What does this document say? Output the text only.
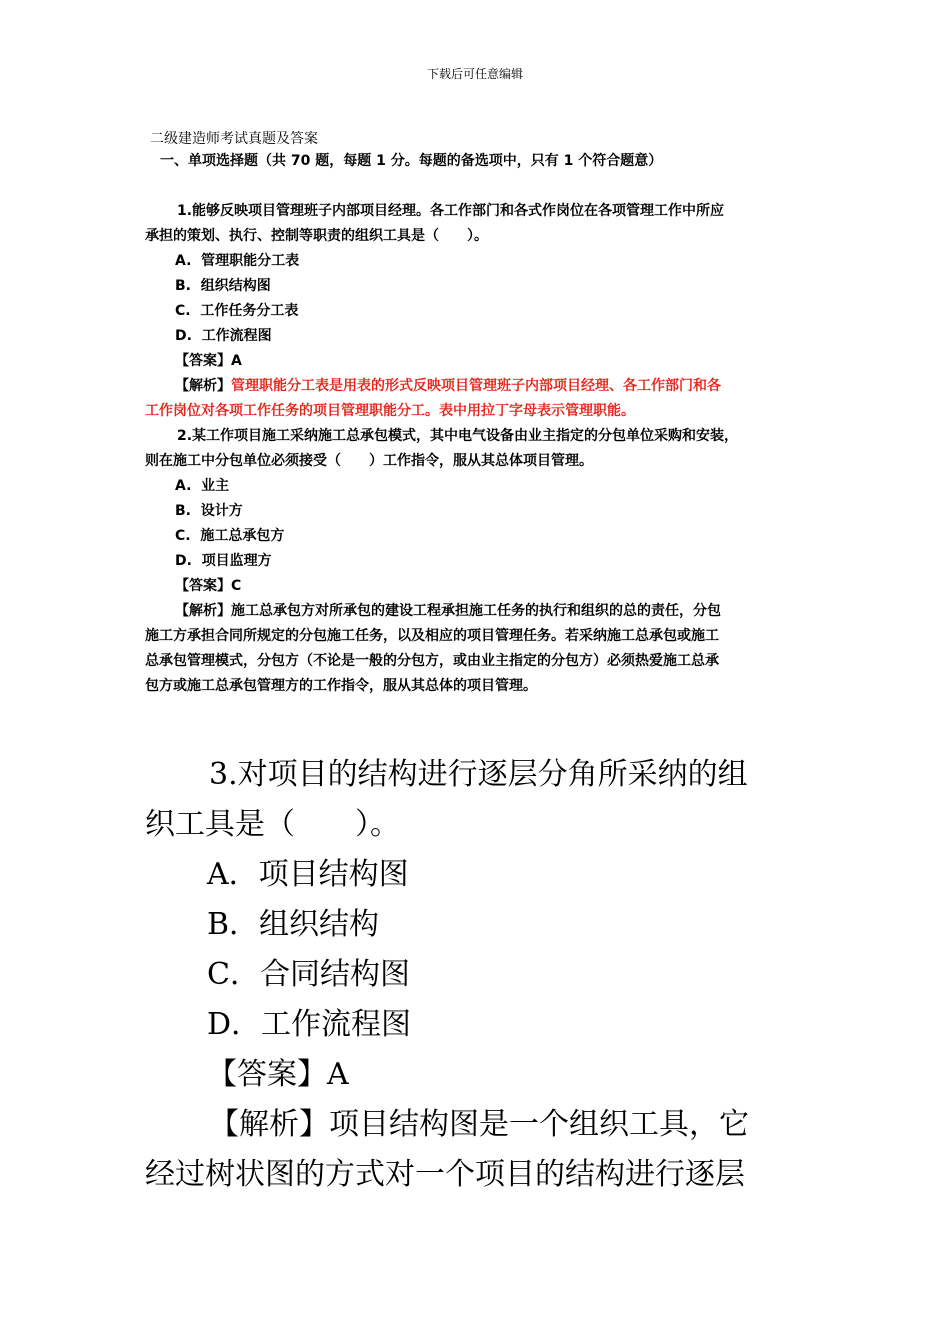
下载后可任意编辑
二级建造师考试真题及答案
一、单项选择题（共 70 题，每题 1 分。每题的备选项中，只有 1 个符合题意）

1.能够反映项目管理班子内部项目经理。各工作部门和各式作岗位在各项管理工作中所应

承担的策划、执行、控制等职责的组织工具是（　　）。

A.  管理职能分工表

B.  组织结构图

C.  工作任务分工表

D.  工作流程图

【答案】A

【解析】管理职能分工表是用表的形式反映项目管理班子内部项目经理、各工作部门和各

工作岗位对各项工作任务的项目管理职能分工。表中用拉丁字母表示管理职能。

2.某工作项目施工采纳施工总承包模式，其中电气设备由业主指定的分包单位采购和安装，

则在施工中分包单位必须接受（　　）工作指令，服从其总体项目管理。

A.  业主

B.  设计方

C.  施工总承包方

D.  项目监理方

【答案】C

【解析】施工总承包方对所承包的建设工程承担施工任务的执行和组织的总的责任，分包

施工方承担合同所规定的分包施工任务，以及相应的项目管理任务。若采纳施工总承包或施工

总承包管理模式，分包方（不论是一般的分包方，或由业主指定的分包方）必须热爱施工总承

包方或施工总承包管理方的工作指令，服从其总体的项目管理。

3.对项目的结构进行逐层分角所采纳的组

织工具是（　　）。

A．项目结构图

B．组织结构

C．合同结构图

D．工作流程图

【答案】A

【解析】项目结构图是一个组织工具，它

经过树状图的方式对一个项目的结构进行逐层
